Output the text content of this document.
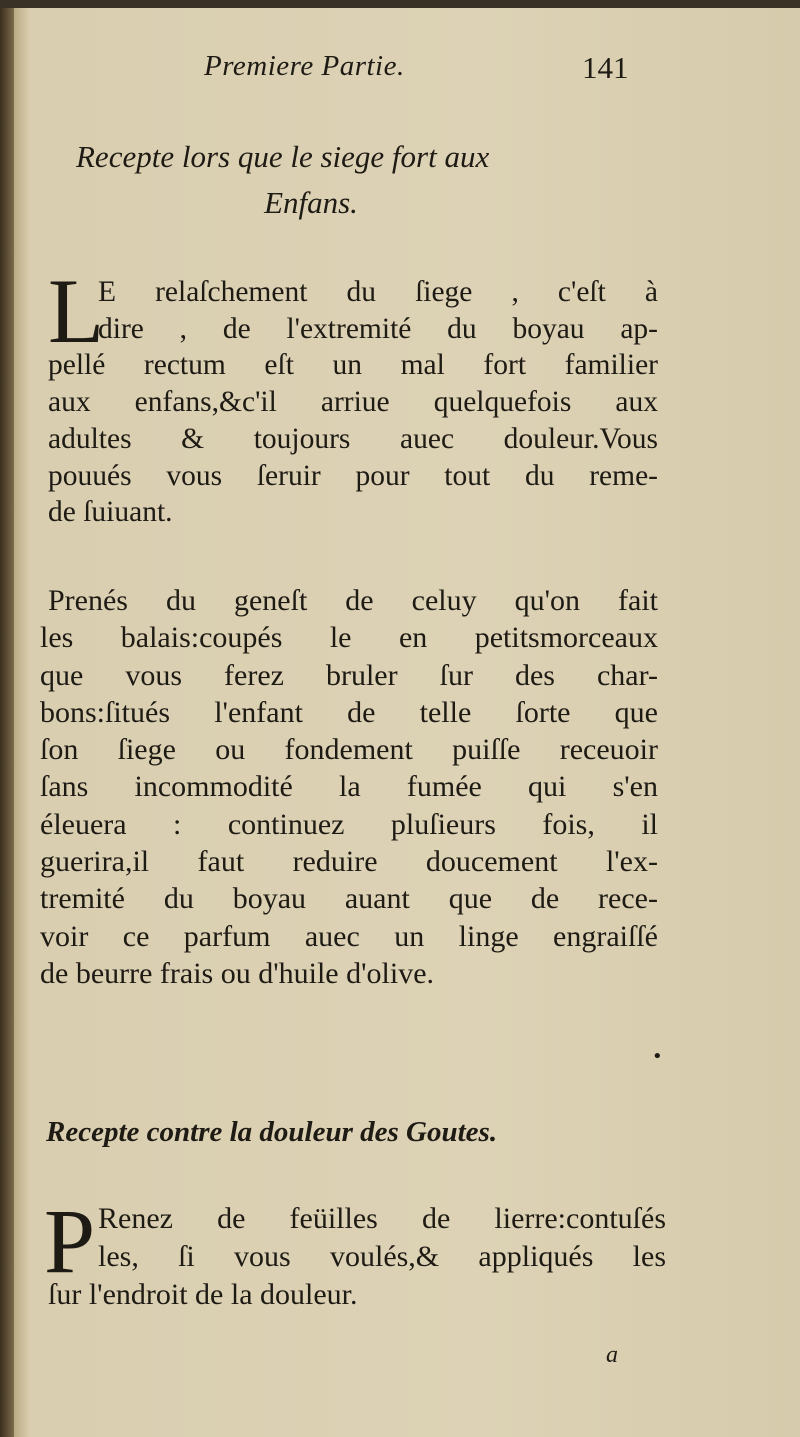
Premiere Partie.	141
Recepte lors que le siege fort aux
Enfans.
L
E relaſchement du ſiege , c'eſt à
dire , de l'extremité du boyau ap-
pellé rectum eſt un mal fort familier
aux enfans,&c'il arriue quelquefois aux
adultes & toujours auec douleur.Vous
pouués vous ſeruir pour tout du reme-
de ſuiuant.
Prenés du geneſt de celuy qu'on fait
les balais:coupés le en petitsmorceaux
que vous ferez bruler ſur des char-
bons:ſitués l'enfant de telle ſorte que
ſon ſiege ou fondement puiſſe receuoir
ſans incommodité la fumée qui s'en
éleuera : continuez pluſieurs fois, il
guerira,il faut reduire doucement l'ex-
tremité du boyau auant que de rece-
voir ce parfum auec un linge engraiſſé
de beurre frais ou d'huile d'olive.
•
Recepte contre la douleur des Goutes.
P Renez de feüilles de lierre:contuſés
les, ſi vous voulés,& appliqués les
ſur l'endroit de la douleur.
a
